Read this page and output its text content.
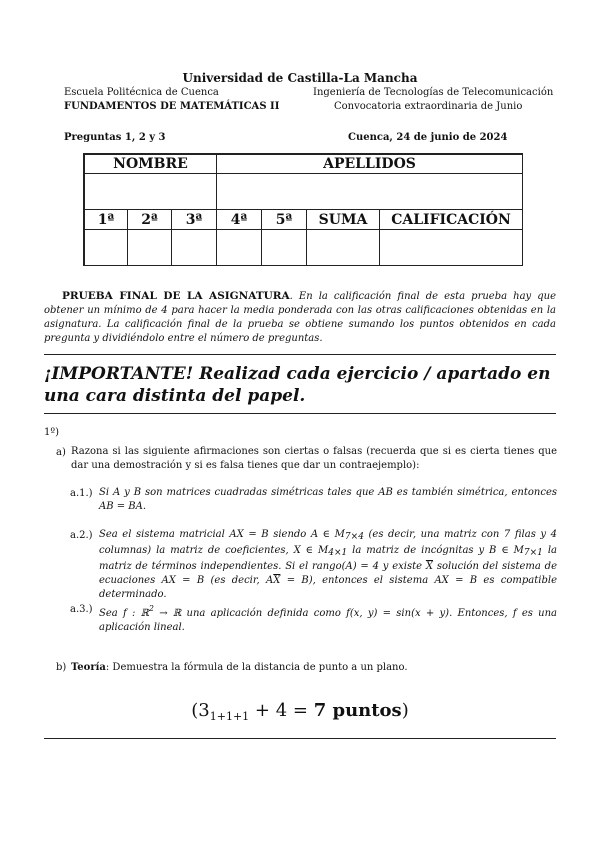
Universidad de Castilla-La Mancha
Escuela Politécnica de Cuenca	Ingeniería de Tecnologías de Telecomunicación
FUNDAMENTOS DE MATEMÁTICAS II	Convocatoria extraordinaria de Junio
Preguntas 1, 2 y 3	Cuenca, 24 de junio de 2024
NOMBRE	APELLIDOS
1ª	2ª	3ª	4ª	5ª	SUMA	CALIFICACIÓN
PRUEBA FINAL DE LA ASIGNATURA. En la calificación final de esta prueba hay que obtener un mínimo de 4 para hacer la media ponderada con las otras calificaciones obtenidas en la asignatura. La calificación final de la prueba se obtiene sumando los puntos obtenidos en cada pregunta y dividiéndolo entre el número de preguntas.
¡IMPORTANTE! Realizad cada ejercicio / apartado en una cara distinta del papel.
1º)
a) Razona si las siguiente afirmaciones son ciertas o falsas (recuerda que si es cierta tienes que dar una demostración y si es falsa tienes que dar un contraejemplo):
a.1.) Si A y B son matrices cuadradas simétricas tales que AB es también simétrica, entonces AB = BA.
a.2.) Sea el sistema matricial AX = B siendo A ∈ M7×4 (es decir, una matriz con 7 filas y 4 columnas) la matriz de coeficientes, X ∈ M4×1 la matriz de incógnitas y B ∈ M7×1 la matriz de términos independientes. Si el rango(A) = 4 y existe $\overline{X}$ solución del sistema de ecuaciones AX = B (es decir, $A\overline{X} = B$), entonces el sistema AX = B es compatible determinado.
a.3.) Sea f : ℝ$^2$ → ℝ una aplicación definida como f(x, y) = sin(x + y). Entonces, f es una aplicación lineal.
b) Teoría: Demuestra la fórmula de la distancia de punto a un plano.
($3_{1+1+1} + 4 = 7$ puntos)
